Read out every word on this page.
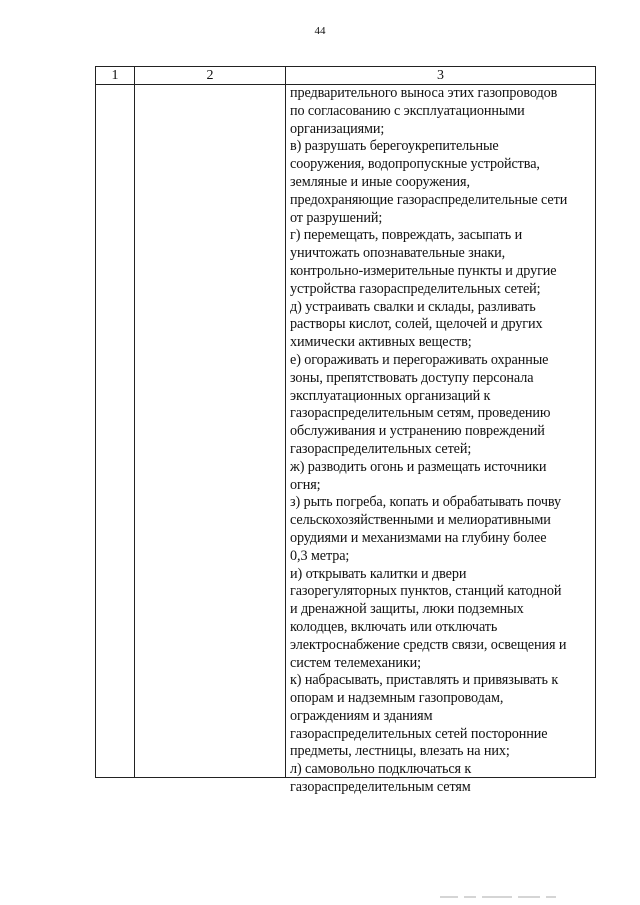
44
1	2	3
предварительного выноса этих газопроводов
по согласованию с эксплуатационными
организациями;
в) разрушать берегоукрепительные
сооружения, водопропускные устройства,
земляные и иные сооружения,
предохраняющие газораспределительные сети
от разрушений;
г) перемещать, повреждать, засыпать и
уничтожать опознавательные знаки,
контрольно-измерительные пункты и другие
устройства газораспределительных сетей;
д) устраивать свалки и склады, разливать
растворы кислот, солей, щелочей и других
химически активных веществ;
е) огораживать и перегораживать охранные
зоны, препятствовать доступу персонала
эксплуатационных организаций к
газораспределительным сетям, проведению
обслуживания и устранению повреждений
газораспределительных сетей;
ж) разводить огонь и размещать источники
огня;
з) рыть погреба, копать и обрабатывать почву
сельскохозяйственными и мелиоративными
орудиями и механизмами на глубину более
0,3 метра;
и) открывать калитки и двери
газорегуляторных пунктов, станций катодной
и дренажной защиты, люки подземных
колодцев, включать или отключать
электроснабжение средств связи, освещения и
систем телемеханики;
к) набрасывать, приставлять и привязывать к
опорам и надземным газопроводам,
ограждениям и зданиям
газораспределительных сетей посторонние
предметы, лестницы, влезать на них;
л) самовольно подключаться к
газораспределительным сетям
